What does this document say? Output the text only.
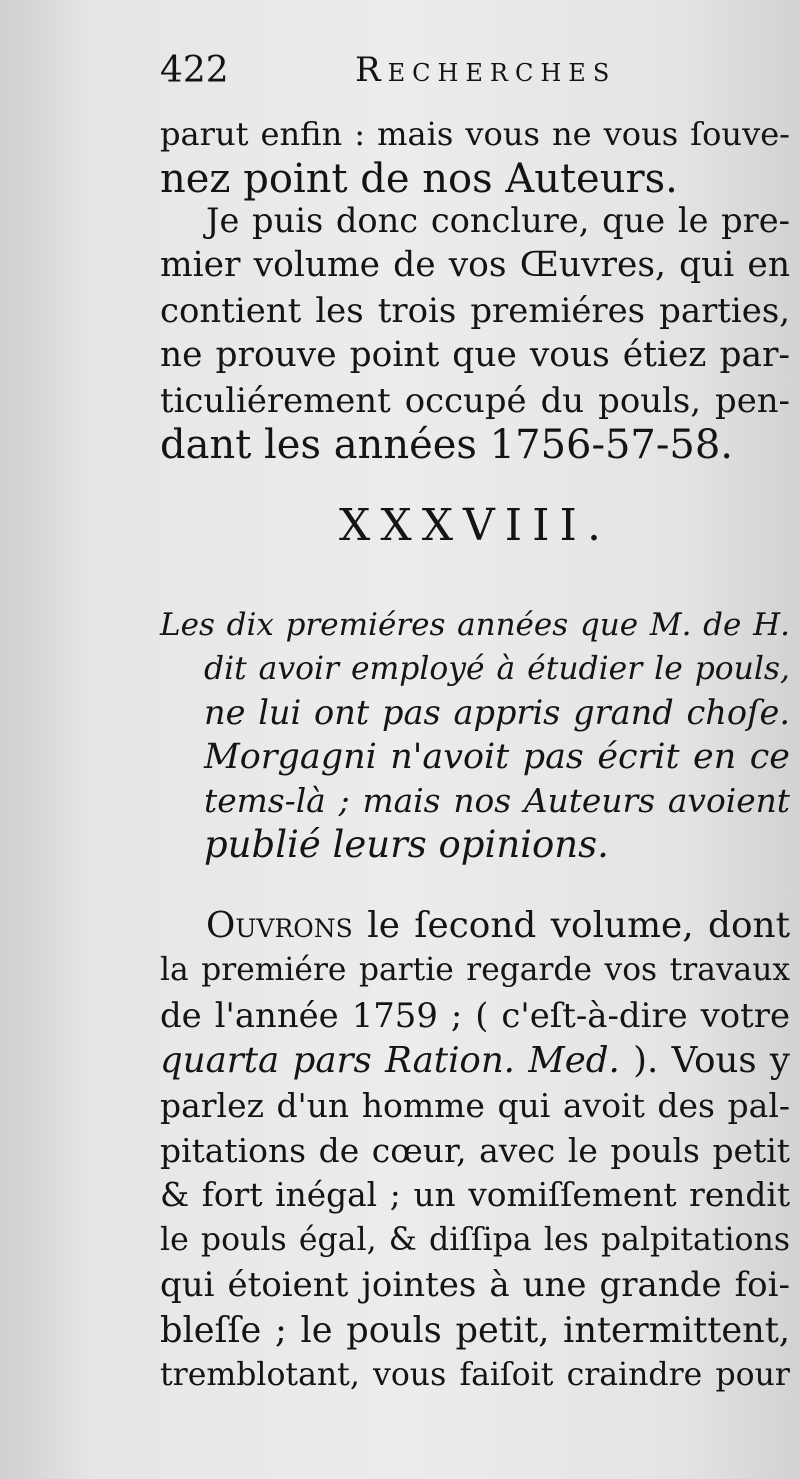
422	Recherches
parut enfin : mais vous ne vous ſouve-
nez point de nos Auteurs.
Je puis donc conclure, que le pre-
mier volume de vos Œuvres, qui en
contient les trois premiéres parties,
ne prouve point que vous étiez par-
ticuliérement occupé du pouls, pen-
dant les années 1756-57-58.
XXXVIII.
Les dix premiéres années que M. de H.
dit avoir employé à étudier le pouls,
ne lui ont pas appris grand choſe.
Morgagni n'avoit pas écrit en ce
tems-là ; mais nos Auteurs avoient
publié leurs opinions.
Ouvrons le ſecond volume, dont
la premiére partie regarde vos travaux
de l'année 1759 ; ( c'eſt-à-dire votre
quarta pars Ration. Med. ). Vous y
parlez d'un homme qui avoit des pal-
pitations de cœur, avec le pouls petit
& fort inégal ; un vomiſſement rendit
le pouls égal, & diſſipa les palpitations
qui étoient jointes à une grande foi-
bleſſe ; le pouls petit, intermittent,
tremblotant, vous faiſoit craindre pour
